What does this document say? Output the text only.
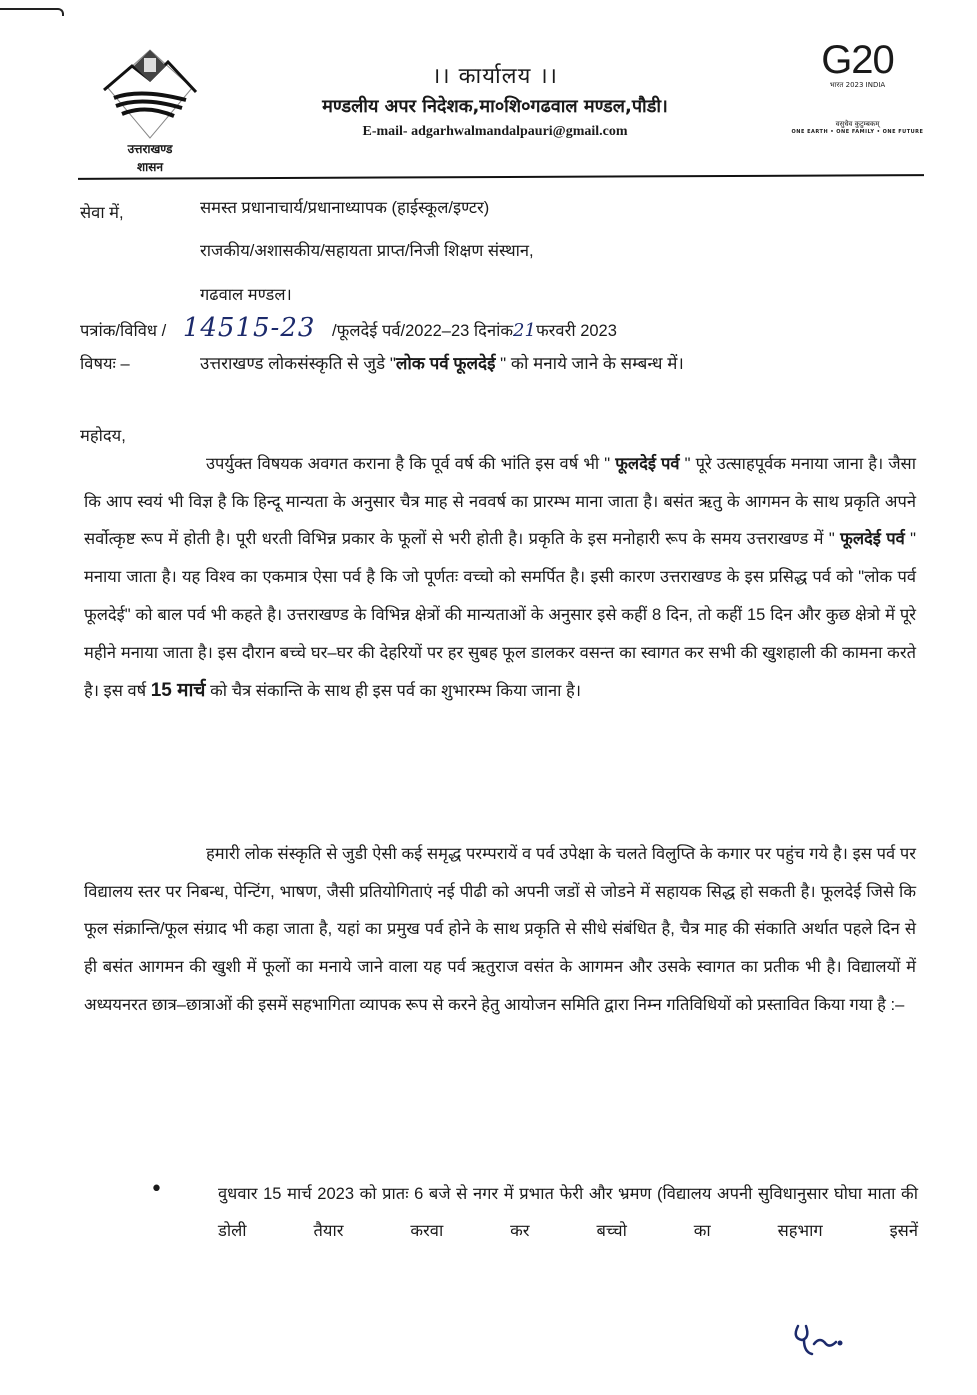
उत्तराखण्ड
शासन
।। कार्यालय ।।
मण्डलीय अपर निदेशक,मा०शि०गढवाल मण्डल,पौडी।
E-mail- adgarhwalmandalpauri@gmail.com
G20
भारत 2023 INDIA
वसुधैव कुटुम्बकम्
ONE EARTH • ONE FAMILY • ONE FUTURE
सेवा में,	समस्त प्रधानाचार्य/प्रधानाध्यापक (हाईस्कूल/इण्टर)
राजकीय/अशासकीय/सहायता प्राप्त/निजी शिक्षण संस्थान,
गढवाल मण्डल।
पत्रांक/विविध / 14515-23 /फूलदेई पर्व/2022–23 दिनांक21फरवरी 2023
विषयः –	उत्तराखण्ड लोकसंस्कृति से जुडे "लोक पर्व फूलदेई " को मनाये जाने के सम्बन्ध में।
महोदय,
उपर्युक्त विषयक अवगत कराना है कि पूर्व वर्ष की भांति इस वर्ष भी " फूलदेई पर्व " पूरे उत्साहपूर्वक मनाया जाना है। जैसा कि आप स्वयं भी विज्ञ है कि हिन्दू मान्यता के अनुसार चैत्र माह से नववर्ष का प्रारम्भ माना जाता है। बसंत ऋतु के आगमन के साथ प्रकृति अपने सर्वोत्कृष्ट रूप में होती है। पूरी धरती विभिन्न प्रकार के फूलों से भरी होती है। प्रकृति के इस मनोहारी रूप के समय उत्तराखण्ड में " फूलदेई पर्व " मनाया जाता है। यह विश्व का एकमात्र ऐसा पर्व है कि जो पूर्णतः वच्चो को समर्पित है। इसी कारण उत्तराखण्ड के इस प्रसिद्ध पर्व को "लोक पर्व फूलदेई" को बाल पर्व भी कहते है। उत्तराखण्ड के विभिन्न क्षेत्रों की मान्यताओं के अनुसार इसे कहीं 8 दिन, तो कहीं 15 दिन और कुछ क्षेत्रो में पूरे महीने मनाया जाता है। इस दौरान बच्चे घर–घर की देहरियों पर हर सुबह फूल डालकर वसन्त का स्वागत कर सभी की खुशहाली की कामना करते है। इस वर्ष 15 मार्च को चैत्र संकान्ति के साथ ही इस पर्व का शुभारम्भ किया जाना है।
हमारी लोक संस्कृति से जुडी ऐसी कई समृद्ध परम्परायें व पर्व उपेक्षा के चलते विलुप्ति के कगार पर पहुंच गये है। इस पर्व पर विद्यालय स्तर पर निबन्ध, पेन्टिंग, भाषण, जैसी प्रतियोगिताएं नई पीढी को अपनी जडों से जोडने में सहायक सिद्ध हो सकती है। फूलदेई जिसे कि फूल संक्रान्ति/फूल संग्राद भी कहा जाता है, यहां का प्रमुख पर्व होने के साथ प्रकृति से सीधे संबंधित है, चैत्र माह की संकाति अर्थात पहले दिन से ही बसंत आगमन की खुशी में फूलों का मनाये जाने वाला यह पर्व ऋतुराज वसंत के आगमन और उसके स्वागत का प्रतीक भी है। विद्यालयों में अध्ययनरत छात्र–छात्राओं की इसमें सहभागिता व्यापक रूप से करने हेतु आयोजन समिति द्वारा निम्न गतिविधियों को प्रस्तावित किया गया है :–
•	वुधवार 15 मार्च 2023 को प्रातः 6 बजे से नगर में प्रभात फेरी और भ्रमण (विद्यालय अपनी सुविधानुसार घोघा माता की डोली तैयार करवा कर बच्चो का सहभाग इसनें
